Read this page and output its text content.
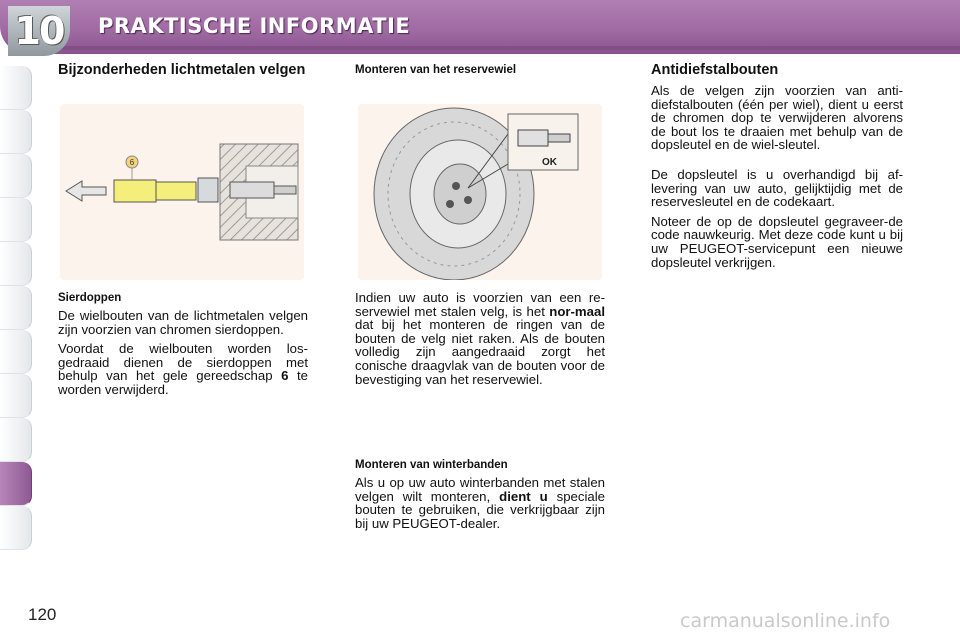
10	PRAKTISCHE INFORMATIE
Bijzonderheden lichtmetalen velgen
6
Sierdoppen

De wielbouten van de lichtmetalen velgen zijn voorzien van chromen sierdoppen.

Voordat de wielbouten worden los-gedraaid dienen de sierdoppen met behulp van het gele gereedschap 6 te worden verwijderd.

Monteren van het reservewiel
OK

Indien uw auto is voorzien van een re-servewiel met stalen velg, is het nor-maal dat bij het monteren de ringen van de bouten de velg niet raken. Als de bouten volledig zijn aangedraaid zorgt het conische draagvlak van de bouten voor de bevestiging van het reservewiel.

Monteren van winterbanden

Als u op uw auto winterbanden met stalen velgen wilt monteren, dient u speciale bouten te gebruiken, die verkrijgbaar zijn bij uw PEUGEOT-dealer.

Antidiefstalbouten

Als de velgen zijn voorzien van anti-diefstalbouten (één per wiel), dient u eerst de chromen dop te verwijderen alvorens de bout los te draaien met behulp van de dopsleutel en de wiel-sleutel.

De dopsleutel is u overhandigd bij af-levering van uw auto, gelijktijdig met de reservesleutel en de codekaart.

Noteer de op de dopsleutel gegraveer-de code nauwkeurig. Met deze code kunt u bij uw PEUGEOT-servicepunt een nieuwe dopsleutel verkrijgen.

120	carmanualsonline.info
